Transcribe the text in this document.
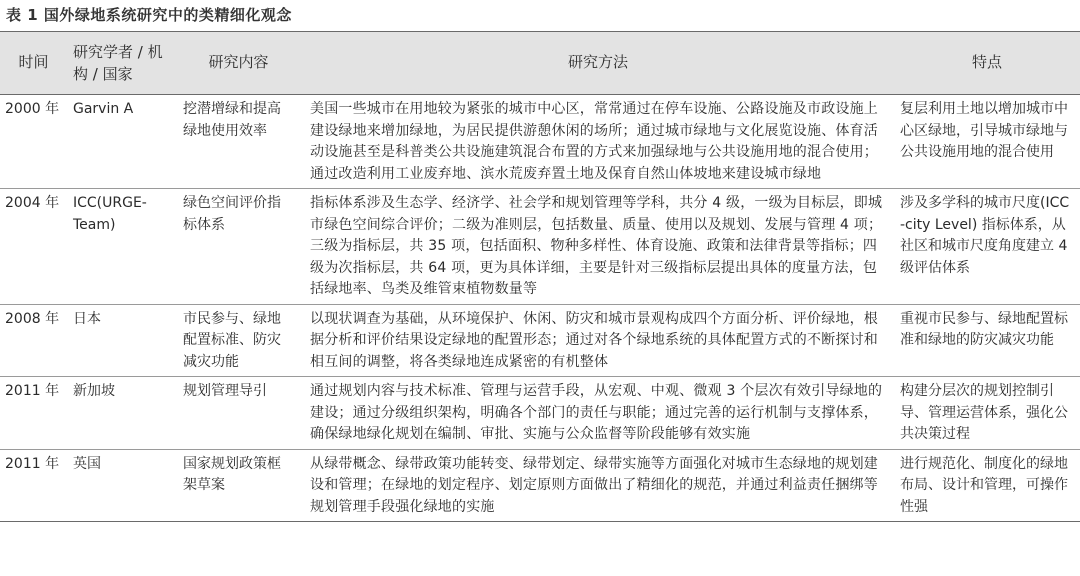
表 1 国外绿地系统研究中的类精细化观念
时间	研究学者 / 机构 / 国家	研究内容	研究方法	特点
2000 年	Garvin A	挖潜增绿和提高绿地使用效率	美国一些城市在用地较为紧张的城市中心区，常常通过在停车设施、公路设施及市政设施上建设绿地来增加绿地，为居民提供游憩休闲的场所；通过城市绿地与文化展览设施、体育活动设施甚至是科普类公共设施建筑混合布置的方式来加强绿地与公共设施用地的混合使用；通过改造利用工业废弃地、滨水荒废弃置土地及保育自然山体坡地来建设城市绿地	复层利用土地以增加城市中心区绿地，引导城市绿地与公共设施用地的混合使用
2004 年	ICC(URGE-Team)	绿色空间评价指标体系	指标体系涉及生态学、经济学、社会学和规划管理等学科，共分 4 级，一级为目标层，即城市绿色空间综合评价；二级为准则层，包括数量、质量、使用以及规划、发展与管理 4 项；三级为指标层，共 35 项，包括面积、物种多样性、体育设施、政策和法律背景等指标；四级为次指标层，共 64 项，更为具体详细，主要是针对三级指标层提出具体的度量方法，包括绿地率、鸟类及维管束植物数量等	涉及多学科的城市尺度(ICC-city Level) 指标体系，从社区和城市尺度角度建立 4 级评估体系
2008 年	日本	市民参与、绿地配置标准、防灾减灾功能	以现状调查为基础，从环境保护、休闲、防灾和城市景观构成四个方面分析、评价绿地，根据分析和评价结果设定绿地的配置形态；通过对各个绿地系统的具体配置方式的不断探讨和相互间的调整，将各类绿地连成紧密的有机整体	重视市民参与、绿地配置标准和绿地的防灾减灾功能
2011 年	新加坡	规划管理导引	通过规划内容与技术标准、管理与运营手段，从宏观、中观、微观 3 个层次有效引导绿地的建设；通过分级组织架构，明确各个部门的责任与职能；通过完善的运行机制与支撑体系，确保绿地绿化规划在编制、审批、实施与公众监督等阶段能够有效实施	构建分层次的规划控制引导、管理运营体系，强化公共决策过程
2011 年	英国	国家规划政策框架草案	从绿带概念、绿带政策功能转变、绿带划定、绿带实施等方面强化对城市生态绿地的规划建设和管理；在绿地的划定程序、划定原则方面做出了精细化的规范，并通过利益责任捆绑等规划管理手段强化绿地的实施	进行规范化、制度化的绿地布局、设计和管理，可操作性强
